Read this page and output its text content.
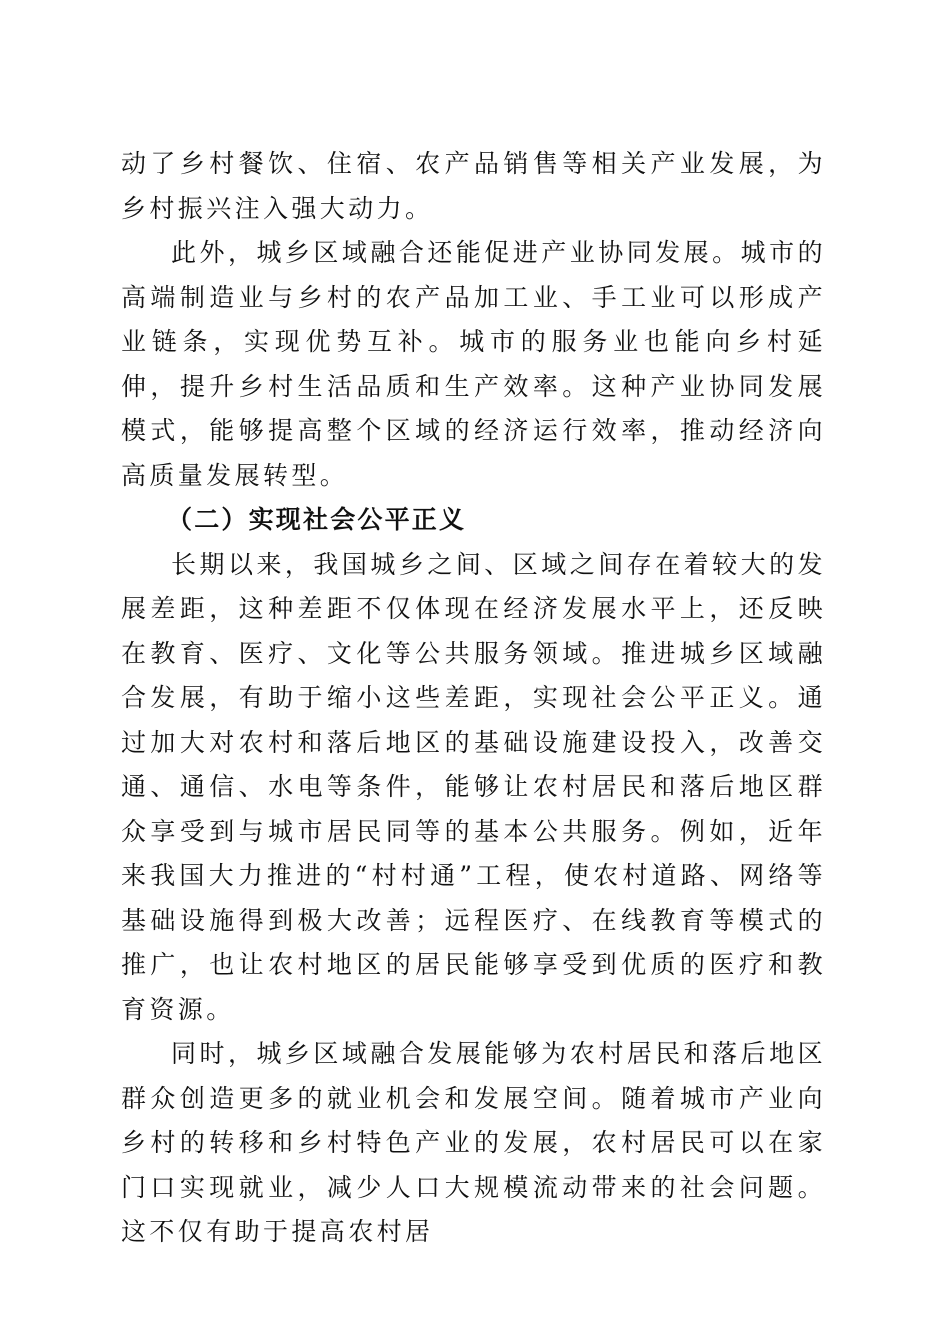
动了乡村餐饮、住宿、农产品销售等相关产业发展，为乡村振兴注入强大动力。

此外，城乡区域融合还能促进产业协同发展。城市的高端制造业与乡村的农产品加工业、手工业可以形成产业链条，实现优势互补。城市的服务业也能向乡村延伸，提升乡村生活品质和生产效率。这种产业协同发展模式，能够提高整个区域的经济运行效率，推动经济向高质量发展转型。

（二）实现社会公平正义

长期以来，我国城乡之间、区域之间存在着较大的发展差距，这种差距不仅体现在经济发展水平上，还反映在教育、医疗、文化等公共服务领域。推进城乡区域融合发展，有助于缩小这些差距，实现社会公平正义。通过加大对农村和落后地区的基础设施建设投入，改善交通、通信、水电等条件，能够让农村居民和落后地区群众享受到与城市居民同等的基本公共服务。例如，近年来我国大力推进的“村村通”工程，使农村道路、网络等基础设施得到极大改善；远程医疗、在线教育等模式的推广，也让农村地区的居民能够享受到优质的医疗和教育资源。

同时，城乡区域融合发展能够为农村居民和落后地区群众创造更多的就业机会和发展空间。随着城市产业向乡村的转移和乡村特色产业的发展，农村居民可以在家门口实现就业，减少人口大规模流动带来的社会问题。这不仅有助于提高农村居
